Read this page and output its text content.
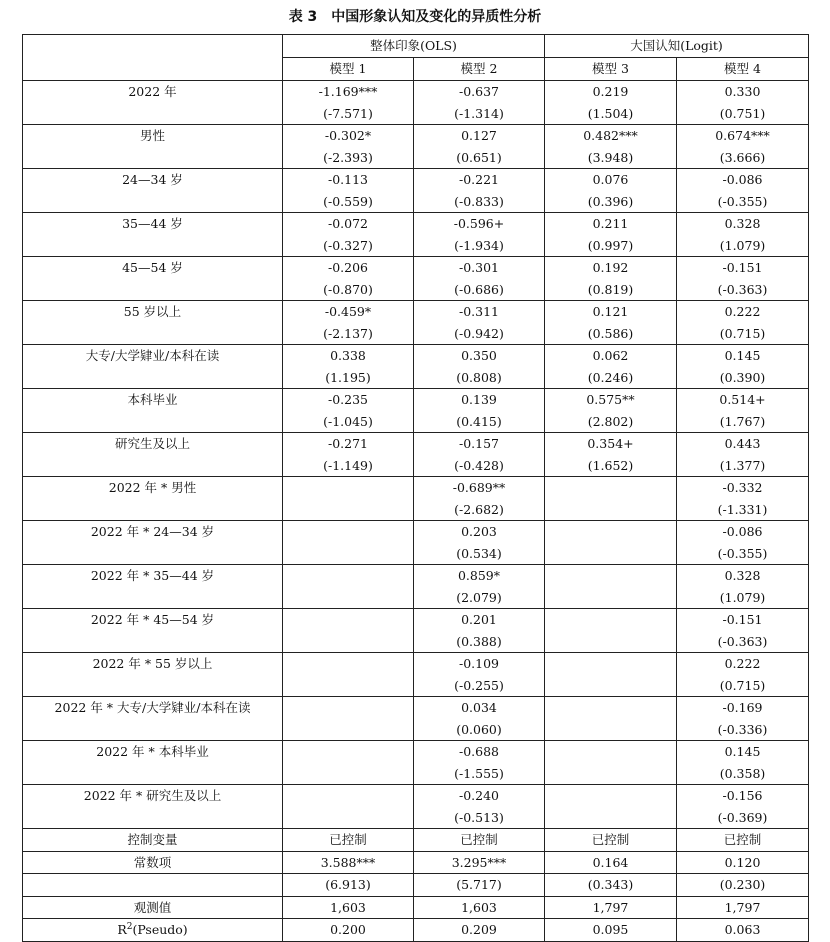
表 3　中国形象认知及变化的异质性分析
	整体印象(OLS)		大国认知(Logit)	
	模型 1	模型 2	模型 3	模型 4
2022 年	-1.169***	-0.637	0.219	0.330
	(-7.571)	(-1.314)	(1.504)	(0.751)
男性	-0.302*	0.127	0.482***	0.674***
	(-2.393)	(0.651)	(3.948)	(3.666)
24—34 岁	-0.113	-0.221	0.076	-0.086
	(-0.559)	(-0.833)	(0.396)	(-0.355)
35—44 岁	-0.072	-0.596+	0.211	0.328
	(-0.327)	(-1.934)	(0.997)	(1.079)
45—54 岁	-0.206	-0.301	0.192	-0.151
	(-0.870)	(-0.686)	(0.819)	(-0.363)
55 岁以上	-0.459*	-0.311	0.121	0.222
	(-2.137)	(-0.942)	(0.586)	(0.715)
大专/大学肄业/本科在读	0.338	0.350	0.062	0.145
	(1.195)	(0.808)	(0.246)	(0.390)
本科毕业	-0.235	0.139	0.575**	0.514+
	(-1.045)	(0.415)	(2.802)	(1.767)
研究生及以上	-0.271	-0.157	0.354+	0.443
	(-1.149)	(-0.428)	(1.652)	(1.377)
2022 年 * 男性		-0.689**		-0.332
		(-2.682)		(-1.331)
2022 年 * 24—34 岁		0.203		-0.086
		(0.534)		(-0.355)
2022 年 * 35—44 岁		0.859*		0.328
		(2.079)		(1.079)
2022 年 * 45—54 岁		0.201		-0.151
		(0.388)		(-0.363)
2022 年 * 55 岁以上		-0.109		0.222
		(-0.255)		(0.715)
2022 年 * 大专/大学肄业/本科在读		0.034		-0.169
		(0.060)		(-0.336)
2022 年 * 本科毕业		-0.688		0.145
		(-1.555)		(0.358)
2022 年 * 研究生及以上		-0.240		-0.156
		(-0.513)		(-0.369)
控制变量	已控制	已控制	已控制	已控制
常数项	3.588***	3.295***	0.164	0.120
	(6.913)	(5.717)	(0.343)	(0.230)
观测值	1,603	1,603	1,797	1,797
$R^2(Pseudo)$	0.200	0.209	0.095	0.063
